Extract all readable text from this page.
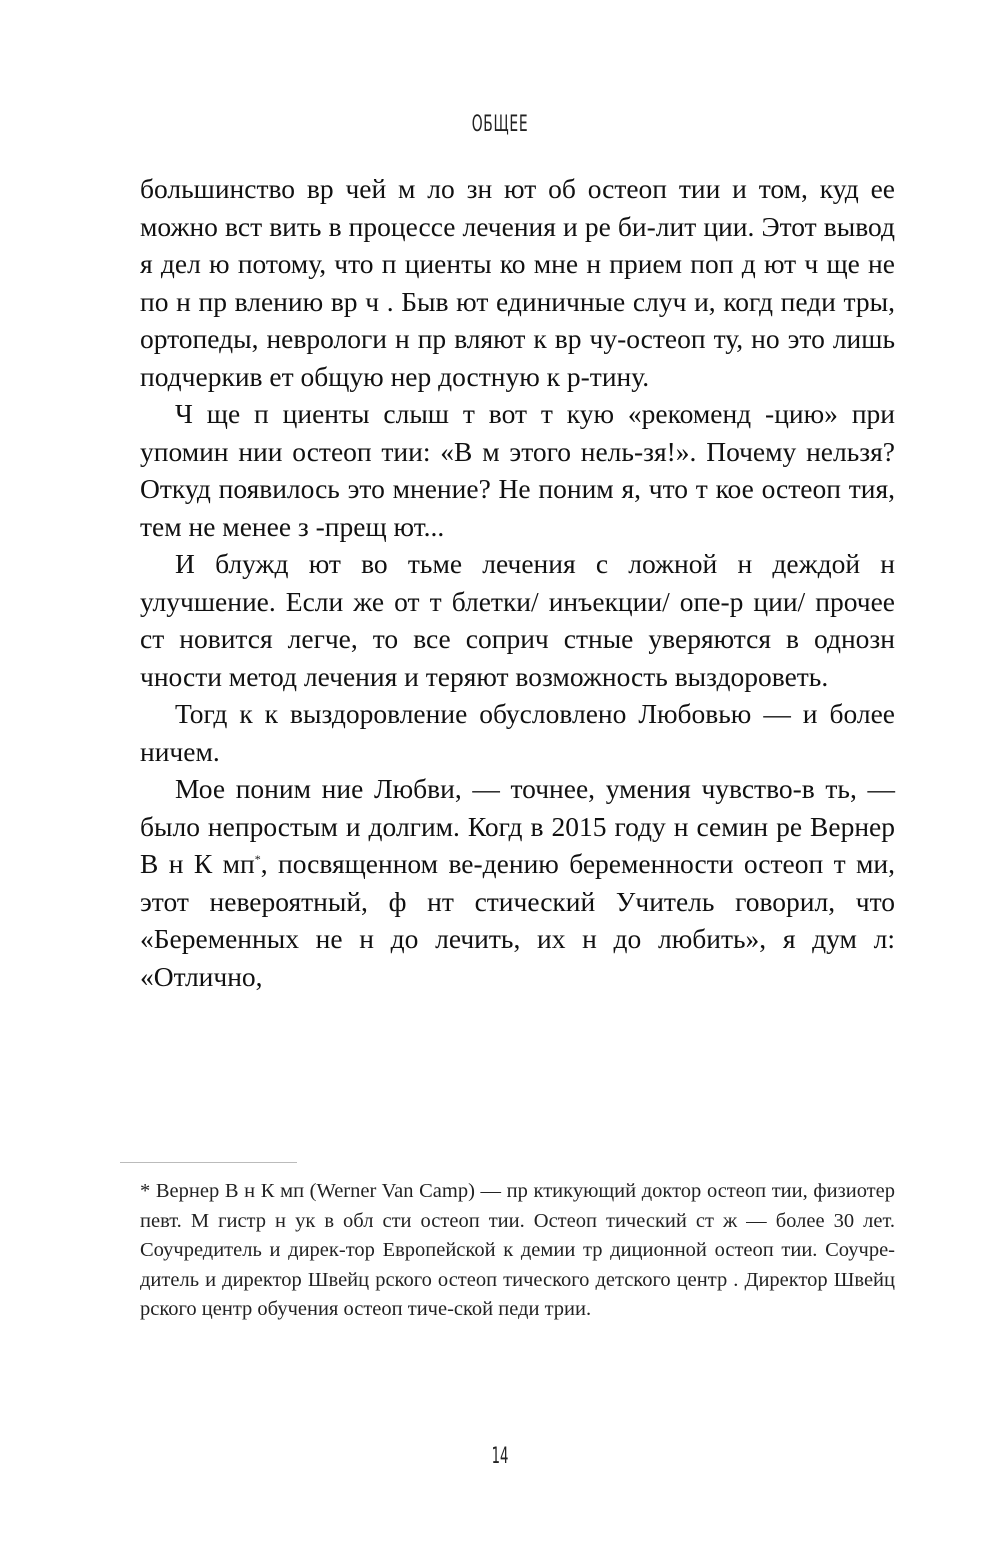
ОБЩЕЕ

большинство вр чей м ло зн ют об остеоп тии и том, куд ее можно вст вить в процессе лечения и ре би-лит ции. Этот вывод я дел ю потому, что п циенты ко мне н прием поп д ют ч ще не по н пр влению вр ч . Быв ют единичные случ и, когд педи тры, ортопеды, неврологи н пр вляют к вр чу-остеоп ту, но это лишь подчеркив ет общую нер достную к р-тину.

Ч ще п циенты слыш т вот т кую «рекоменд -цию» при упомин нии остеоп тии: «В м этого нель-зя!». Почему нельзя? Откуд появилось это мнение? Не поним я, что т кое остеоп тия, тем не менее з -прещ ют...

И блужд ют во тьме лечения с ложной н деждой н улучшение. Если же от т блетки/ инъекции/ опе-р ции/ прочее ст новится легче, то все соприч стные уверяются в однозн чности метод лечения и теряют возможность выздороветь.

Тогд к к выздоровление обусловлено Любовью — и более ничем.

Мое поним ние Любви, — точнее, умения чувство-в ть, — было непростым и долгим. Когд в 2015 году н семин ре Вернер В н К мп*, посвященном ве-дению беременности остеоп т ми, этот невероятный, ф нт стический Учитель говорил, что «Беременных не н до лечить, их н до любить», я дум л: «Отлично,

* Вернер В н К мп (Werner Van Camp) — пр ктикующий доктор остеоп тии, физиотер певт. М гистр н ук в обл сти остеоп тии. Остеоп тический ст ж — более 30 лет. Соучредитель и дирек-тор Европейской к демии тр диционной остеоп тии. Соучре-дитель и директор Швейц рского остеоп тического детского центр . Директор Швейц рского центр обучения остеоп тиче-ской педи трии.

14
